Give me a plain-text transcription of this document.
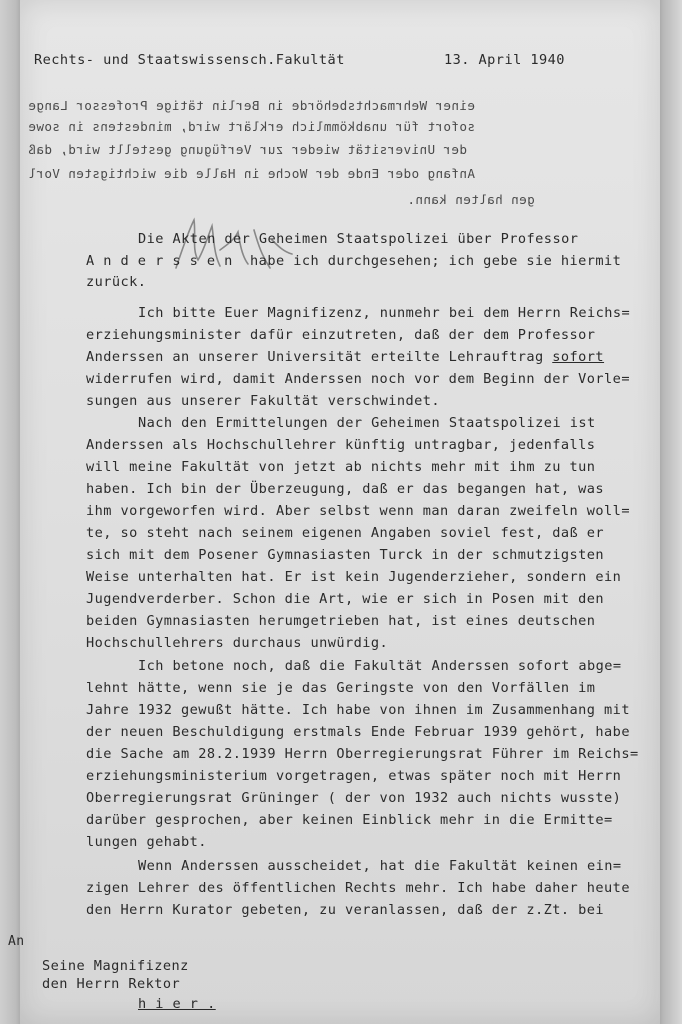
Rechts- und Staatswissensch.Fakultät	13. April 1940
einer Wehrmachtsbehörde in Berlin tätige Professor Lange
sofort für unabkömmlich erklärt wird, mindestens in sowe
der Universität wieder zur Verfügung gestellt wird, daß
Anfang oder Ende der Woche in Halle die wichtigsten Vorl
gen halten kann.
Die Akten der Geheimen Staatspolizei über Professor
A n d e r s s e n  habe ich durchgesehen; ich gebe sie hiermit
zurück.
Ich bitte Euer Magnifizenz, nunmehr bei dem Herrn Reichs=
erziehungsminister dafür einzutreten, daß der dem Professor
Anderssen an unserer Universität erteilte Lehrauftrag sofort
widerrufen wird, damit Anderssen noch vor dem Beginn der Vorle=
sungen aus unserer Fakultät verschwindet.
Nach den Ermittelungen der Geheimen Staatspolizei ist
Anderssen als Hochschullehrer künftig untragbar, jedenfalls
will meine Fakultät von jetzt ab nichts mehr mit ihm zu tun
haben. Ich bin der Überzeugung, daß er das begangen hat, was
ihm vorgeworfen wird. Aber selbst wenn man daran zweifeln woll=
te, so steht nach seinem eigenen Angaben soviel fest, daß er
sich mit dem Posener Gymnasiasten Turck in der schmutzigsten
Weise unterhalten hat. Er ist kein Jugenderzieher, sondern ein
Jugendverderber. Schon die Art, wie er sich in Posen mit den
beiden Gymnasiasten herumgetrieben hat, ist eines deutschen
Hochschullehrers durchaus unwürdig.
Ich betone noch, daß die Fakultät Anderssen sofort abge=
lehnt hätte, wenn sie je das Geringste von den Vorfällen im
Jahre 1932 gewußt hätte. Ich habe von ihnen im Zusammenhang mit
der neuen Beschuldigung erstmals Ende Februar 1939 gehört, habe
die Sache am 28.2.1939 Herrn Oberregierungsrat Führer im Reichs=
erziehungsministerium vorgetragen, etwas später noch mit Herrn
Oberregierungsrat Grüninger ( der von 1932 auch nichts wusste)
darüber gesprochen, aber keinen Einblick mehr in die Ermitte=
lungen gehabt.
Wenn Anderssen ausscheidet, hat die Fakultät keinen ein=
zigen Lehrer des öffentlichen Rechts mehr. Ich habe daher heute
den Herrn Kurator gebeten, zu veranlassen, daß der z.Zt. bei
Seine Magnifizenz
den Herrn Rektor
h i e r .
An
